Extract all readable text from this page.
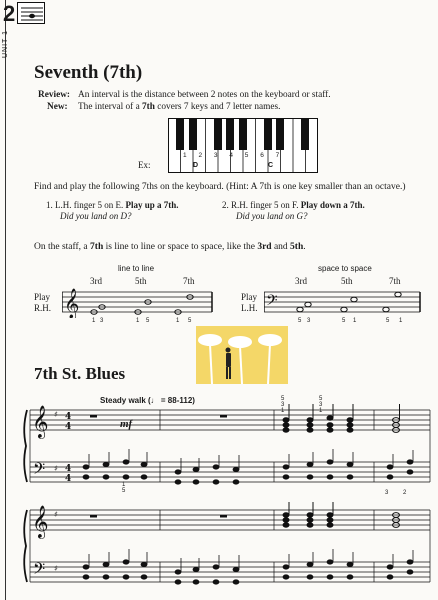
2
UNIT 1
Seventh (7th)
Review: An interval is the distance between 2 notes on the keyboard or staff.
New: The interval of a 7th covers 7 keys and 7 letter names.
Ex:
1 2 3 4 5 6 7
D	C
Find and play the following 7ths on the keyboard. (Hint: A 7th is one key smaller than an octave.)
1. L.H. finger 5 on E. Play up a 7th.
Did you land on D?
2. R.H. finger 5 on F. Play down a 7th.
Did you land on G?
On the staff, a 7th is line to line or space to space, like the 3rd and 5th.
line to line
3rd	5th	7th
Play
R.H. 𝄞
1 3	1 5	1 5
space to space
3rd	5th	7th
Play
L.H. 𝄢
5 3	5 1	5 1
7th St. Blues
Steady walk (♩ = 88-112)
mf
5
3
1
5
3
1
𝄞
𝄢
𝄞
𝄢
♯
♯
♯
♯
4
4
4
4
1
5	3 2
